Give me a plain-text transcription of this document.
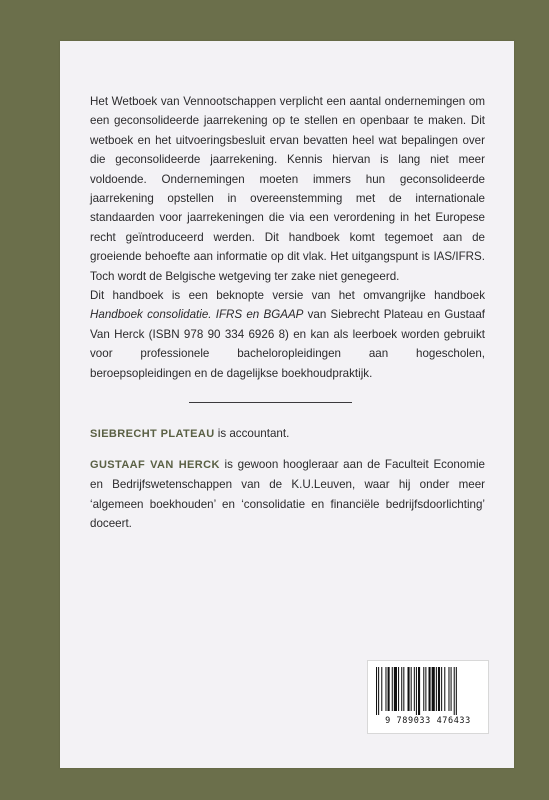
Het Wetboek van Vennootschappen verplicht een aantal ondernemingen om een geconsolideerde jaarrekening op te stellen en openbaar te maken. Dit wetboek en het uitvoeringsbesluit ervan bevatten heel wat bepalingen over die geconsolideerde jaarrekening. Kennis hiervan is lang niet meer voldoende. Ondernemingen moeten immers hun geconsolideerde jaarrekening opstellen in overeenstemming met de internationale standaarden voor jaarrekeningen die via een verordening in het Europese recht geïntroduceerd werden. Dit handboek komt tegemoet aan de groeiende behoefte aan informatie op dit vlak. Het uitgangspunt is IAS/IFRS. Toch wordt de Belgische wetgeving ter zake niet genegeerd.

Dit handboek is een beknopte versie van het omvangrijke handboek Handboek consolidatie. IFRS en BGAAP van Siebrecht Plateau en Gustaaf Van Herck (ISBN 978 90 334 6926 8) en kan als leerboek worden gebruikt voor professionele bacheloropleidingen aan hogescholen, beroepsopleidingen en de dagelijkse boekhoudpraktijk.

SIEBRECHT PLATEAU is accountant.

GUSTAAF VAN HERCK is gewoon hoogleraar aan de Faculteit Economie en Bedrijfswetenschappen van de K.U.Leuven, waar hij onder meer ‘algemeen boekhouden’ en ‘consolidatie en financiële bedrijfsdoorlichting’ doceert.

9 789033 476433
